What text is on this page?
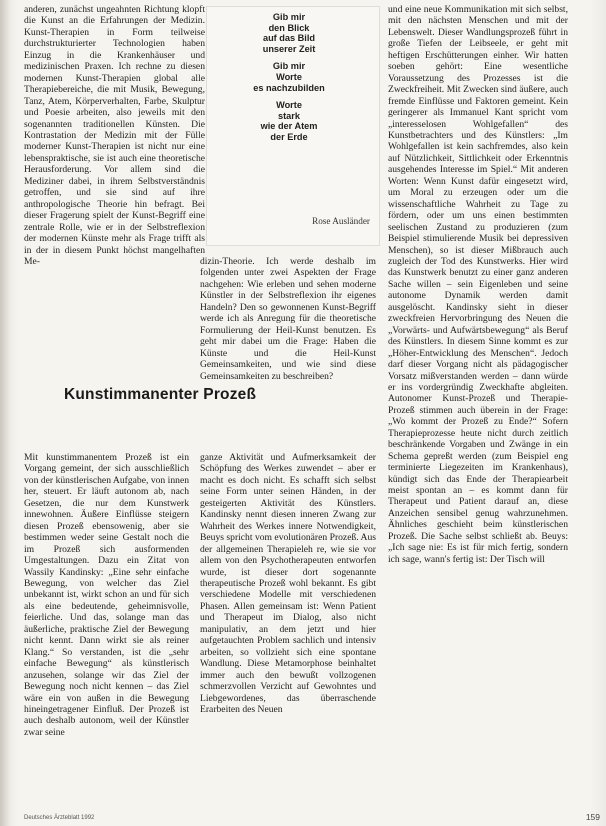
anderen, zunächst ungeahnten Richtung klopft die Kunst an die Erfahrungen der Medizin. Kunst-Therapien in Form teilweise durchstrukturierter Technologien haben Einzug in die Krankenhäuser und medizinischen Praxen. Ich rechne zu diesen modernen Kunst-Therapien global alle Therapiebereiche, die mit Musik, Bewegung, Tanz, Atem, Körperverhalten, Farbe, Skulptur und Poesie arbeiten, also jeweils mit den sogenannten traditionellen Künsten. Die Kontrastation der Medizin mit der Fülle moderner Kunst-Therapien ist nicht nur eine lebenspraktische, sie ist auch eine theoretische Herausforderung. Vor allem sind die Mediziner dabei, in ihrem Selbstverständnis getroffen, und sie sind auf ihre anthropologische Theorie hin befragt. Bei dieser Fragerung spielt der Kunst-Begriff eine zentrale Rolle, wie er in der Selbstreflexion der modernen Künste mehr als Frage trifft als in der in diesem Punkt höchst mangelhaften Me-

Gib mir
den Blick
auf das Bild
unserer Zeit
Gib mir
Worte
es nachzubilden
Worte
stark
wie der Atem
der Erde
Rose Ausländer

dizin-Theorie. Ich werde deshalb im folgenden unter zwei Aspekten der Frage nachgehen: Wie erleben und sehen moderne Künstler in der Selbstreflexion ihr eigenes Handeln? Den so gewonnenen Kunst-Begriff werde ich als Anregung für die theoretische Formulierung der Heil-Kunst benutzen. Es geht mir dabei um die Frage: Haben die Künste und die Heil-Kunst Gemeinsamkeiten, und wie sind diese Gemeinsamkeiten zu beschreiben?

Kunstimmanenter Prozeß

Mit kunstimmanentem Prozeß ist ein Vorgang gemeint, der sich ausschließlich von der künstlerischen Aufgabe, von innen her, steuert. Er läuft autonom ab, nach Gesetzen, die nur dem Kunstwerk innewohnen. Äußere Einflüsse steigern diesen Prozeß ebensowenig, aber sie bestimmen weder seine Gestalt noch die im Prozeß sich ausformenden Umgestaltungen. Dazu ein Zitat von Wassily Kandinsky: „Eine sehr einfache Bewegung, von welcher das Ziel unbekannt ist, wirkt schon an und für sich als eine bedeutende, geheimnisvolle, feierliche. Und das, solange man das äußerliche, praktische Ziel der Bewegung nicht kennt. Dann wirkt sie als reiner Klang.“ So verstanden, ist die „sehr einfache Bewegung“ als künstlerisch anzusehen, solange wir das Ziel der Bewegung noch nicht kennen – das Ziel wäre ein von außen in die Bewegung hineingetragener Einfluß. Der Prozeß ist auch deshalb autonom, weil der Künstler zwar seine

ganze Aktivität und Aufmerksamkeit der Schöpfung des Werkes zuwendet – aber er macht es doch nicht. Es schafft sich selbst seine Form unter seinen Händen, in der gesteigerten Aktivität des Künstlers. Kandinsky nennt diesen inneren Zwang zur Wahrheit des Werkes innere Notwendigkeit, Beuys spricht vom evolutionären Prozeß. Aus der allgemeinen Therapieleh re, wie sie vor allem von den Psychotherapeuten entworfen wurde, ist dieser dort sogenannte therapeutische Prozeß wohl bekannt. Es gibt verschiedene Modelle mit verschiedenen Phasen. Allen gemeinsam ist: Wenn Patient und Therapeut im Dialog, also nicht manipulativ, an dem jetzt und hier aufgetauchten Problem sachlich und intensiv arbeiten, so vollzieht sich eine spontane Wandlung. Diese Metamorphose beinhaltet immer auch den bewußt vollzogenen schmerzvollen Verzicht auf Gewohntes und Liebgewordenes, das überraschende Erarbeiten des Neuen

und eine neue Kommunikation mit sich selbst, mit den nächsten Menschen und mit der Lebenswelt. Dieser Wandlungsprozeß führt in große Tiefen der Leibseele, er geht mit heftigen Erschütterungen einher. Wir hatten soeben gehört: Eine wesentliche Voraussetzung des Prozesses ist die Zweckfreiheit. Mit Zwecken sind äußere, auch fremde Einflüsse und Faktoren gemeint. Kein geringerer als Immanuel Kant spricht vom „interesselosen Wohlgefallen“ des Kunstbetrachters und des Künstlers: „Im Wohlgefallen ist kein sachfremdes, also kein auf Nützlichkeit, Sittlichkeit oder Erkenntnis ausgehendes Interesse im Spiel.“ Mit anderen Worten: Wenn Kunst dafür eingesetzt wird, um Moral zu erzeugen oder um die wissenschaftliche Wahrheit zu Tage zu fördern, oder um uns einen bestimmten seelischen Zustand zu produzieren (zum Beispiel stimulierende Musik bei depressiven Menschen), so ist dieser Mißbrauch auch zugleich der Tod des Kunstwerks. Hier wird das Kunstwerk benutzt zu einer ganz anderen Sache willen – sein Eigenleben und seine autonome Dynamik werden damit ausgelöscht. Kandinsky sieht in dieser zweckfreien Hervorbringung des Neuen die „Vorwärts- und Aufwärtsbewegung“ als Beruf des Künstlers. In diesem Sinne kommt es zur „Höher-Entwicklung des Menschen“. Jedoch darf dieser Vorgang nicht als pädagogischer Vorsatz mißverstanden werden – dann würde er ins vordergründig Zweckhafte abgleiten. Autonomer Kunst-Prozeß und Therapie-Prozeß stimmen auch überein in der Frage: „Wo kommt der Prozeß zu Ende?“ Sofern Therapieprozesse heute nicht durch zeitlich beschränkende Vorgaben und Zwänge in ein Schema gepreßt werden (zum Beispiel eng terminierte Liegezeiten im Krankenhaus), kündigt sich das Ende der Therapiearbeit meist spontan an – es kommt dann für Therapeut und Patient darauf an, diese Anzeichen sensibel genug wahrzunehmen. Ähnliches geschieht beim künstlerischen Prozeß. Die Sache selbst schließt ab. Beuys: „Ich sage nie: Es ist für mich fertig, sondern ich sage, wann's fertig ist: Der Tisch will

Deutsches Ärzteblatt 1992	159
